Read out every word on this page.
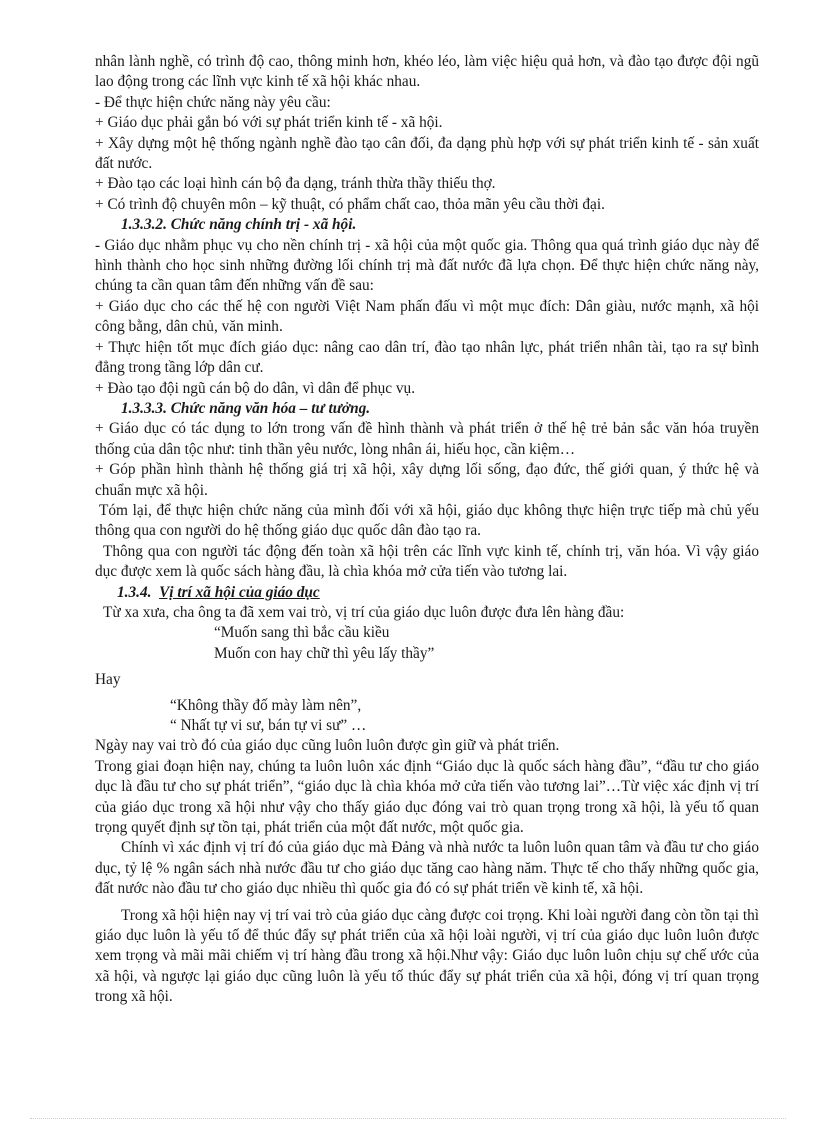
nhân lành nghề, có trình độ cao, thông minh hơn, khéo léo, làm việc hiệu quả hơn, và đào tạo được đội ngũ lao động trong các lĩnh vực kinh tế xã hội khác nhau.

- Để thực hiện chức năng này yêu cầu:

+ Giáo dục phải gắn bó với sự phát triển kinh tế - xã hội.

+ Xây dựng một hệ thống ngành nghề đào tạo cân đối, đa dạng phù hợp với sự phát triển kinh tế - sản xuất đất nước.

+ Đào tạo các loại hình cán bộ đa dạng, tránh thừa thầy thiếu thợ.

+ Có trình độ chuyên môn – kỹ thuật, có phẩm chất cao, thỏa mãn yêu cầu thời đại.

1.3.3.2. Chức năng chính trị - xã hội.

- Giáo dục nhằm phục vụ cho nền chính trị - xã hội của một quốc gia. Thông qua quá trình giáo dục này để hình thành cho học sinh những đường lối chính trị mà đất nước đã lựa chọn. Để thực hiện chức năng này, chúng ta cần quan tâm đến những vấn đề sau:

+ Giáo dục cho các thế hệ con người Việt Nam phấn đấu vì một mục đích: Dân giàu, nước mạnh, xã hội công bằng, dân chủ, văn minh.

+ Thực hiện tốt mục đích giáo dục: nâng cao dân trí, đào tạo nhân lực, phát triển nhân tài, tạo ra sự bình đẳng trong tầng lớp dân cư.

+ Đào tạo đội ngũ cán bộ do dân, vì dân để phục vụ.

1.3.3.3. Chức năng văn hóa – tư tưởng.

+ Giáo dục có tác dụng to lớn trong vấn đề hình thành và phát triển ở thế hệ trẻ bản sắc văn hóa truyền thống của dân tộc như: tinh thần yêu nước, lòng nhân ái, hiếu học, cần kiệm…

+ Góp phần hình thành hệ thống giá trị xã hội, xây dựng lối sống, đạo đức, thế giới quan, ý thức hệ và chuẩn mực xã hội.

Tóm lại, để thực hiện chức năng của mình đối với xã hội, giáo dục không thực hiện trực tiếp mà chủ yếu thông qua con người do hệ thống giáo dục quốc dân đào tạo ra.

Thông qua con người tác động đến toàn xã hội trên các lĩnh vực kinh tế, chính trị, văn hóa. Vì vậy giáo dục được xem là quốc sách hàng đầu, là chìa khóa mở cửa tiến vào tương lai.

1.3.4. Vị trí xã hội của giáo dục

Từ xa xưa, cha ông ta đã xem vai trò, vị trí của giáo dục luôn được đưa lên hàng đầu:

“Muốn sang thì bắc cầu kiều

Muốn con hay chữ thì yêu lấy thầy”

Hay

“Không thầy đố mày làm nên”,

“ Nhất tự vi sư, bán tự vi sư” …

Ngày nay vai trò đó của giáo dục cũng luôn luôn được gìn giữ và phát triển.

Trong giai đoạn hiện nay, chúng ta luôn luôn xác định “Giáo dục là quốc sách hàng đầu”, “đầu tư cho giáo dục là đầu tư cho sự phát triển”, “giáo dục là chìa khóa mở cửa tiến vào tương lai”…Từ việc xác định vị trí của giáo dục trong xã hội như vậy cho thấy giáo dục đóng vai trò quan trọng trong xã hội, là yếu tố quan trọng quyết định sự tồn tại, phát triển của một đất nước, một quốc gia.

Chính vì xác định vị trí đó của giáo dục mà Đảng và nhà nước ta luôn luôn quan tâm và đầu tư cho giáo dục, tỷ lệ % ngân sách nhà nước đầu tư cho giáo dục tăng cao hàng năm. Thực tế cho thấy những quốc gia, đất nước nào đầu tư cho giáo dục nhiều thì quốc gia đó có sự phát triển về kinh tế, xã hội.

Trong xã hội hiện nay vị trí vai trò của giáo dục càng được coi trọng. Khi loài người đang còn tồn tại thì giáo dục luôn là yếu tố để thúc đẩy sự phát triển của xã hội loài người, vị trí của giáo dục luôn luôn được xem trọng và mãi mãi chiếm vị trí hàng đầu trong xã hội.Như vậy: Giáo dục luôn luôn chịu sự chế ước của xã hội, và ngược lại giáo dục cũng luôn là yếu tố thúc đẩy sự phát triển của xã hội, đóng vị trí quan trọng trong xã hội.
